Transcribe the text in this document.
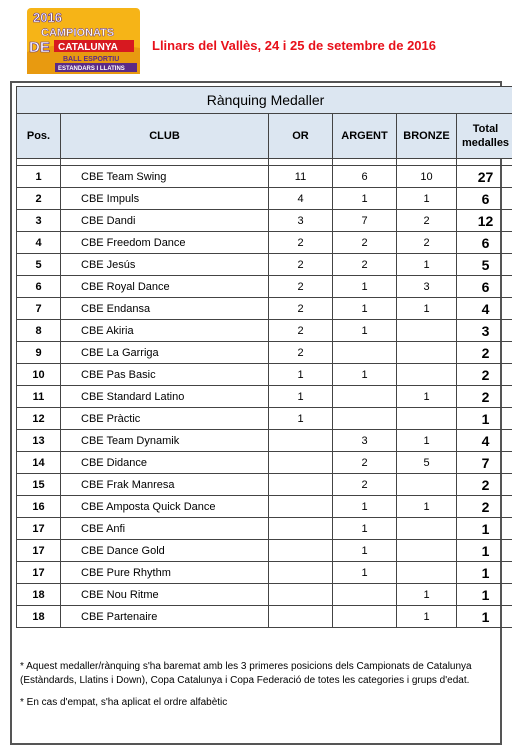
2016
CAMPIONATS
DE CATALUNYA
BALL ESPORTIU
ESTANDARS I LLATINS
Llinars del Vallès, 24 i 25 de setembre de 2016
Rànquing Medaller					
Pos.	CLUB	OR	ARGENT	BRONZE	Total
medalles

1	CBE Team Swing	11	6	10	27
2	CBE Impuls	4	1	1	6
3	CBE Dandi	3	7	2	12
4	CBE Freedom Dance	2	2	2	6
5	CBE Jesús	2	2	1	5
6	CBE Royal Dance	2	1	3	6
7	CBE Endansa	2	1	1	4
8	CBE Akiria	2	1		3
9	CBE La Garriga	2			2
10	CBE Pas Basic	1	1		2
11	CBE Standard Latino	1		1	2
12	CBE Pràctic	1			1
13	CBE Team Dynamik		3	1	4
14	CBE Didance		2	5	7
15	CBE Frak Manresa		2		2
16	CBE Amposta Quick Dance		1	1	2
17	CBE Anfi		1		1
17	CBE Dance Gold		1		1
17	CBE Pure Rhythm		1		1
18	CBE Nou Ritme			1	1
18	CBE Partenaire			1	1

* Aquest medaller/rànquing s'ha baremat amb les 3 primeres posicions dels Campionats de Catalunya (Estàndards, Llatins i Down), Copa Catalunya i Copa Federació de totes les categories i grups d'edat.

* En cas d'empat, s'ha aplicat el ordre alfabètic
